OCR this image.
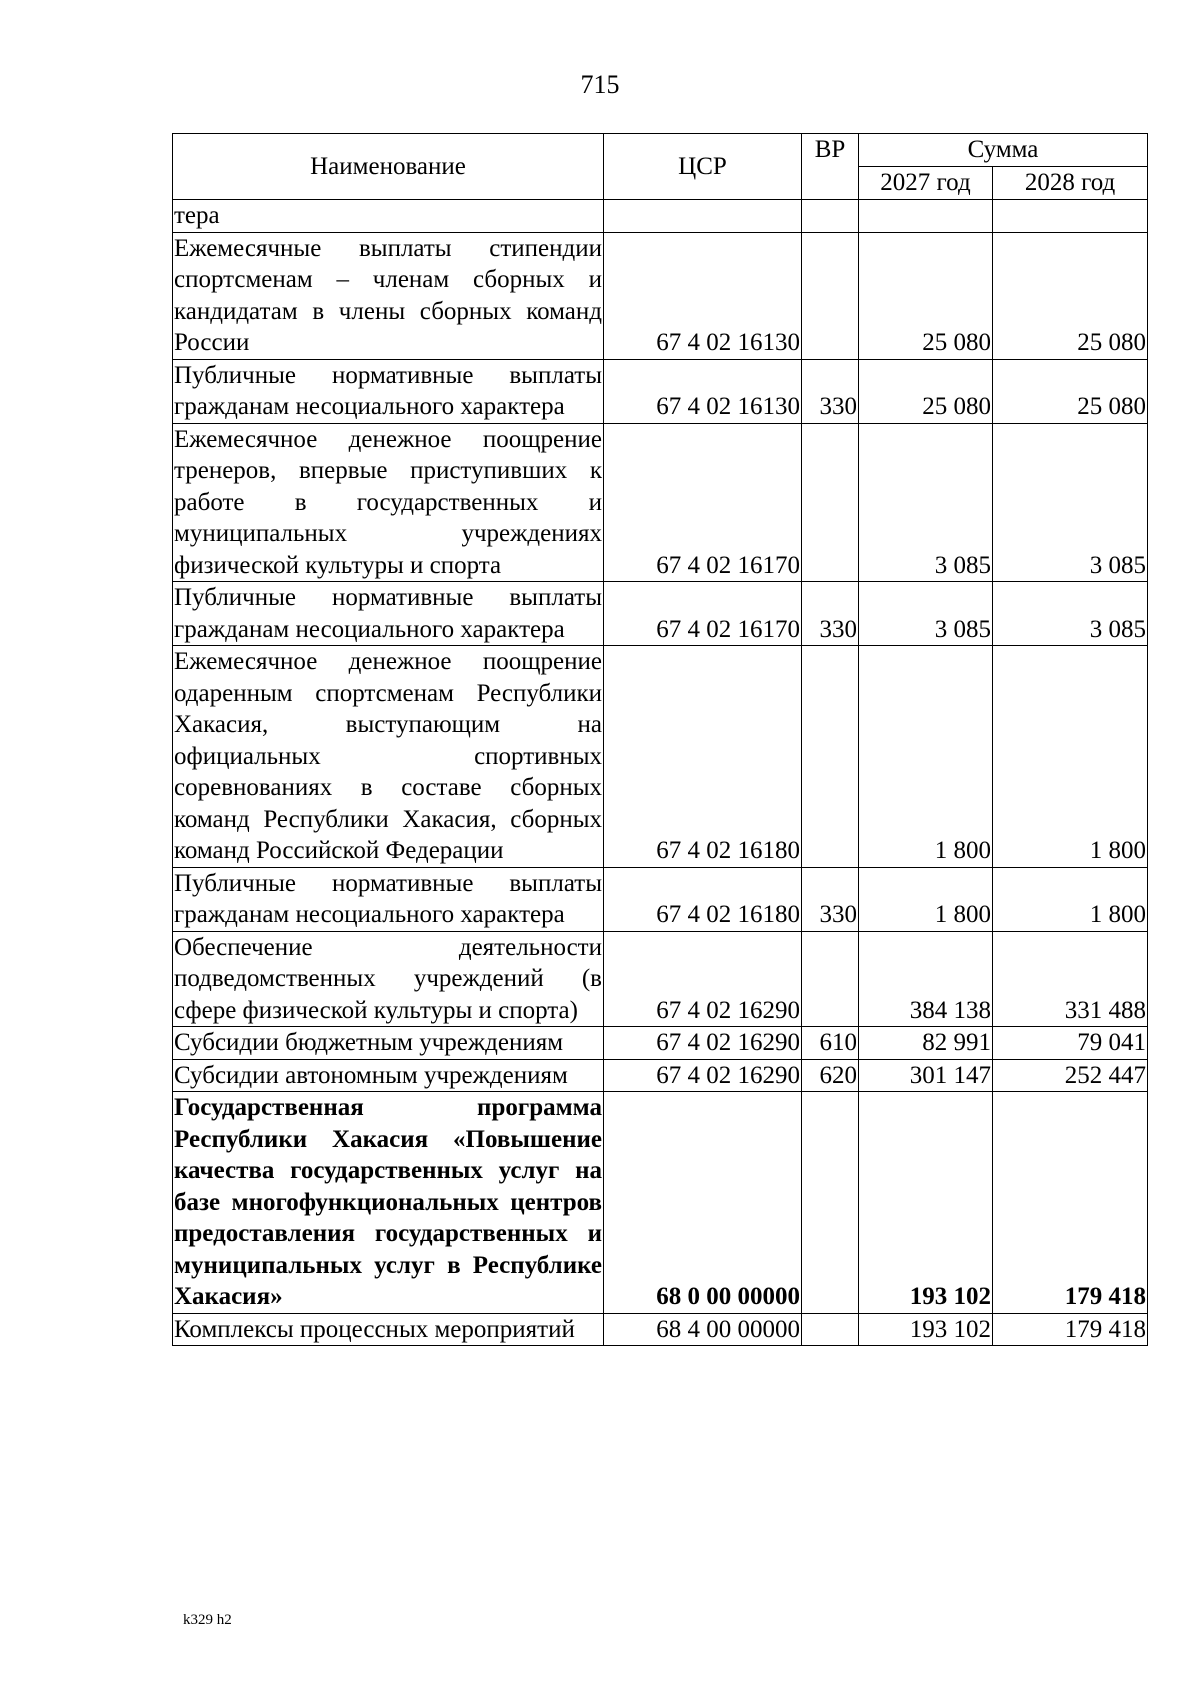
715
Наименование	ЦСР	ВР	Сумма	
			2027 год	2028 год
тера				
Ежемесячные выплаты стипендии спортсменам – членам сборных и кандидатам в члены сборных команд России	67 4 02 16130		25 080	25 080
Публичные нормативные выплаты гражданам несоциального характера	67 4 02 16130	330	25 080	25 080
Ежемесячное денежное поощрение тренеров, впервые приступивших к работе в государственных и муниципальных учреждениях физической культуры и спорта	67 4 02 16170		3 085	3 085
Публичные нормативные выплаты гражданам несоциального характера	67 4 02 16170	330	3 085	3 085
Ежемесячное денежное поощрение одаренным спортсменам Республики Хакасия, выступающим на официальных спортивных соревнованиях в составе сборных команд Республики Хакасия, сборных команд Российской Федерации	67 4 02 16180		1 800	1 800
Публичные нормативные выплаты гражданам несоциального характера	67 4 02 16180	330	1 800	1 800
Обеспечение деятельности подведомственных учреждений (в сфере физической культуры и спорта)	67 4 02 16290		384 138	331 488
Субсидии бюджетным учреждениям	67 4 02 16290	610	82 991	79 041
Субсидии автономным учреждениям	67 4 02 16290	620	301 147	252 447
Государственная программа Республики Хакасия «Повышение качества государственных услуг на базе многофункциональных центров предоставления государственных и муниципальных услуг в Республике Хакасия»	68 0 00 00000		193 102	179 418
Комплексы процессных мероприятий	68 4 00 00000		193 102	179 418
k329 h2
